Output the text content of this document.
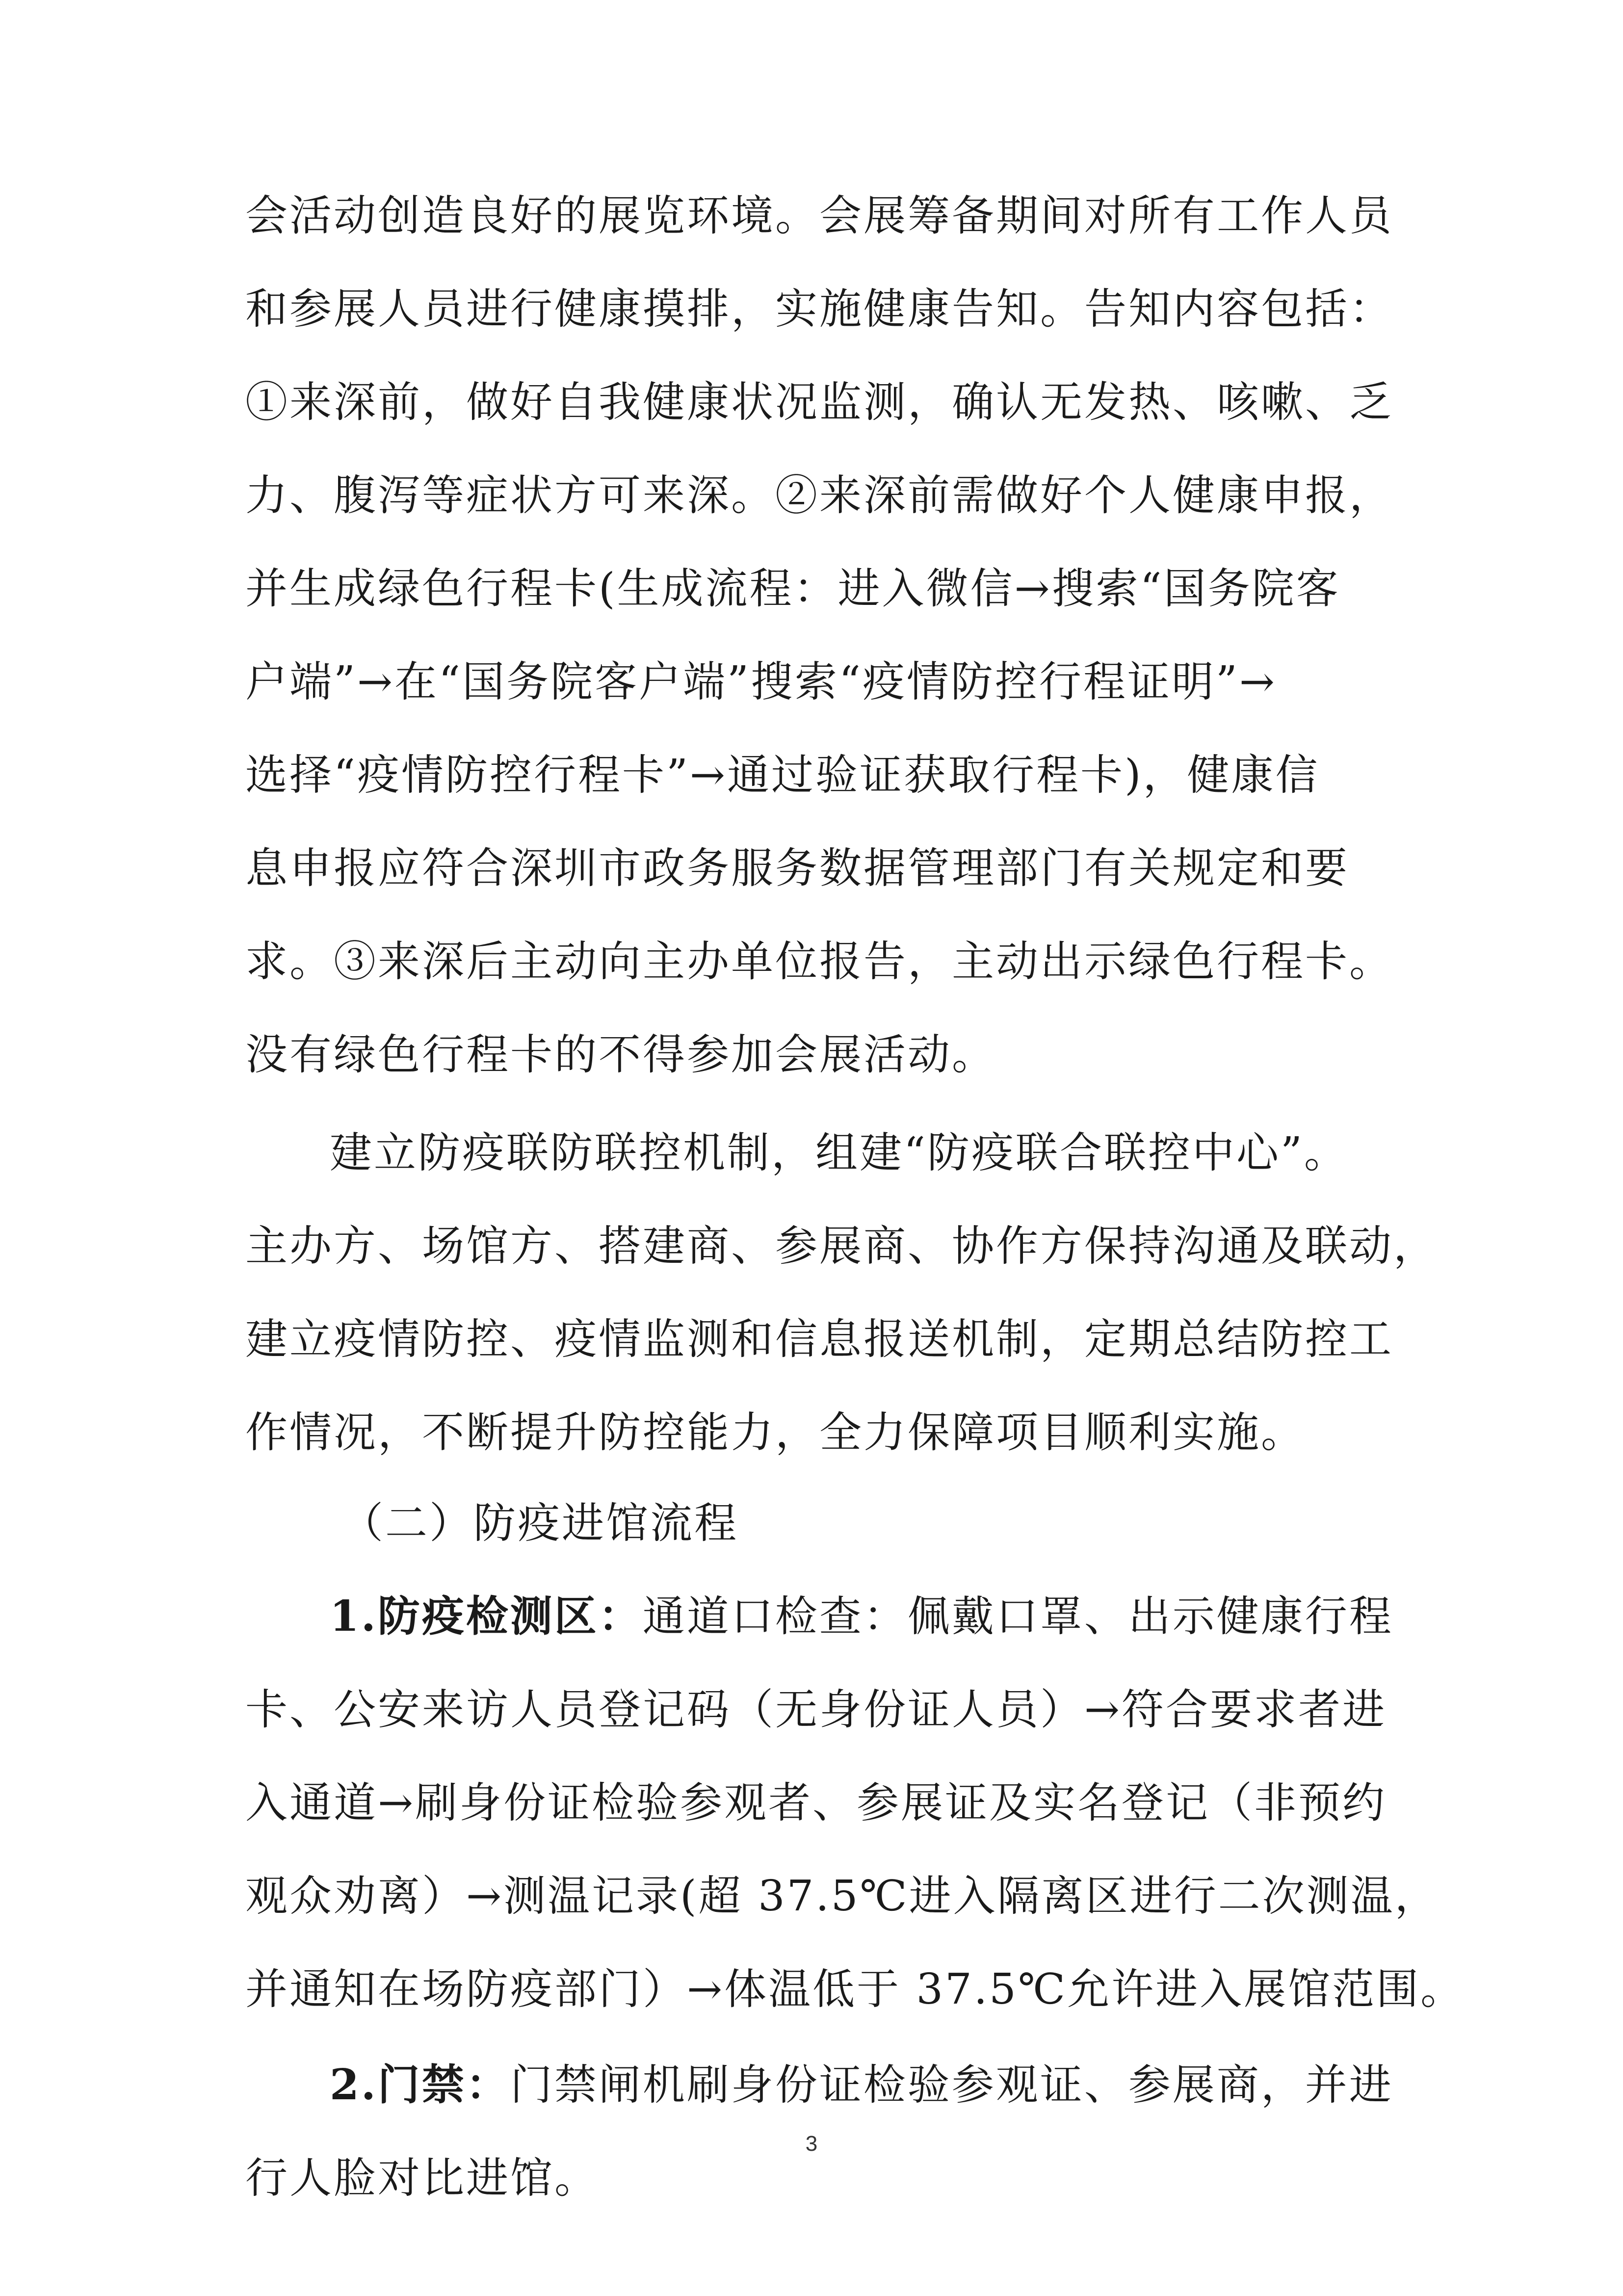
会活动创造良好的展览环境。会展筹备期间对所有工作人员
和参展人员进行健康摸排，实施健康告知。告知内容包括：
①来深前，做好自我健康状况监测，确认无发热、咳嗽、乏
力、腹泻等症状方可来深。②来深前需做好个人健康申报，
并生成绿色行程卡(生成流程：进入微信→搜索“国务院客
户端”→在“国务院客户端”搜索“疫情防控行程证明”→
选择“疫情防控行程卡”→通过验证获取行程卡)，健康信
息申报应符合深圳市政务服务数据管理部门有关规定和要
求。③来深后主动向主办单位报告，主动出示绿色行程卡。
没有绿色行程卡的不得参加会展活动。
建立防疫联防联控机制，组建“防疫联合联控中心”。
主办方、场馆方、搭建商、参展商、协作方保持沟通及联动，
建立疫情防控、疫情监测和信息报送机制，定期总结防控工
作情况，不断提升防控能力，全力保障项目顺利实施。
（二）防疫进馆流程
1.防疫检测区：通道口检查：佩戴口罩、出示健康行程
卡、公安来访人员登记码（无身份证人员）→符合要求者进
入通道→刷身份证检验参观者、参展证及实名登记（非预约
观众劝离）→测温记录(超 37.5℃进入隔离区进行二次测温，
并通知在场防疫部门）→体温低于 37.5℃允许进入展馆范围。
2.门禁：门禁闸机刷身份证检验参观证、参展商，并进
行人脸对比进馆。
3
